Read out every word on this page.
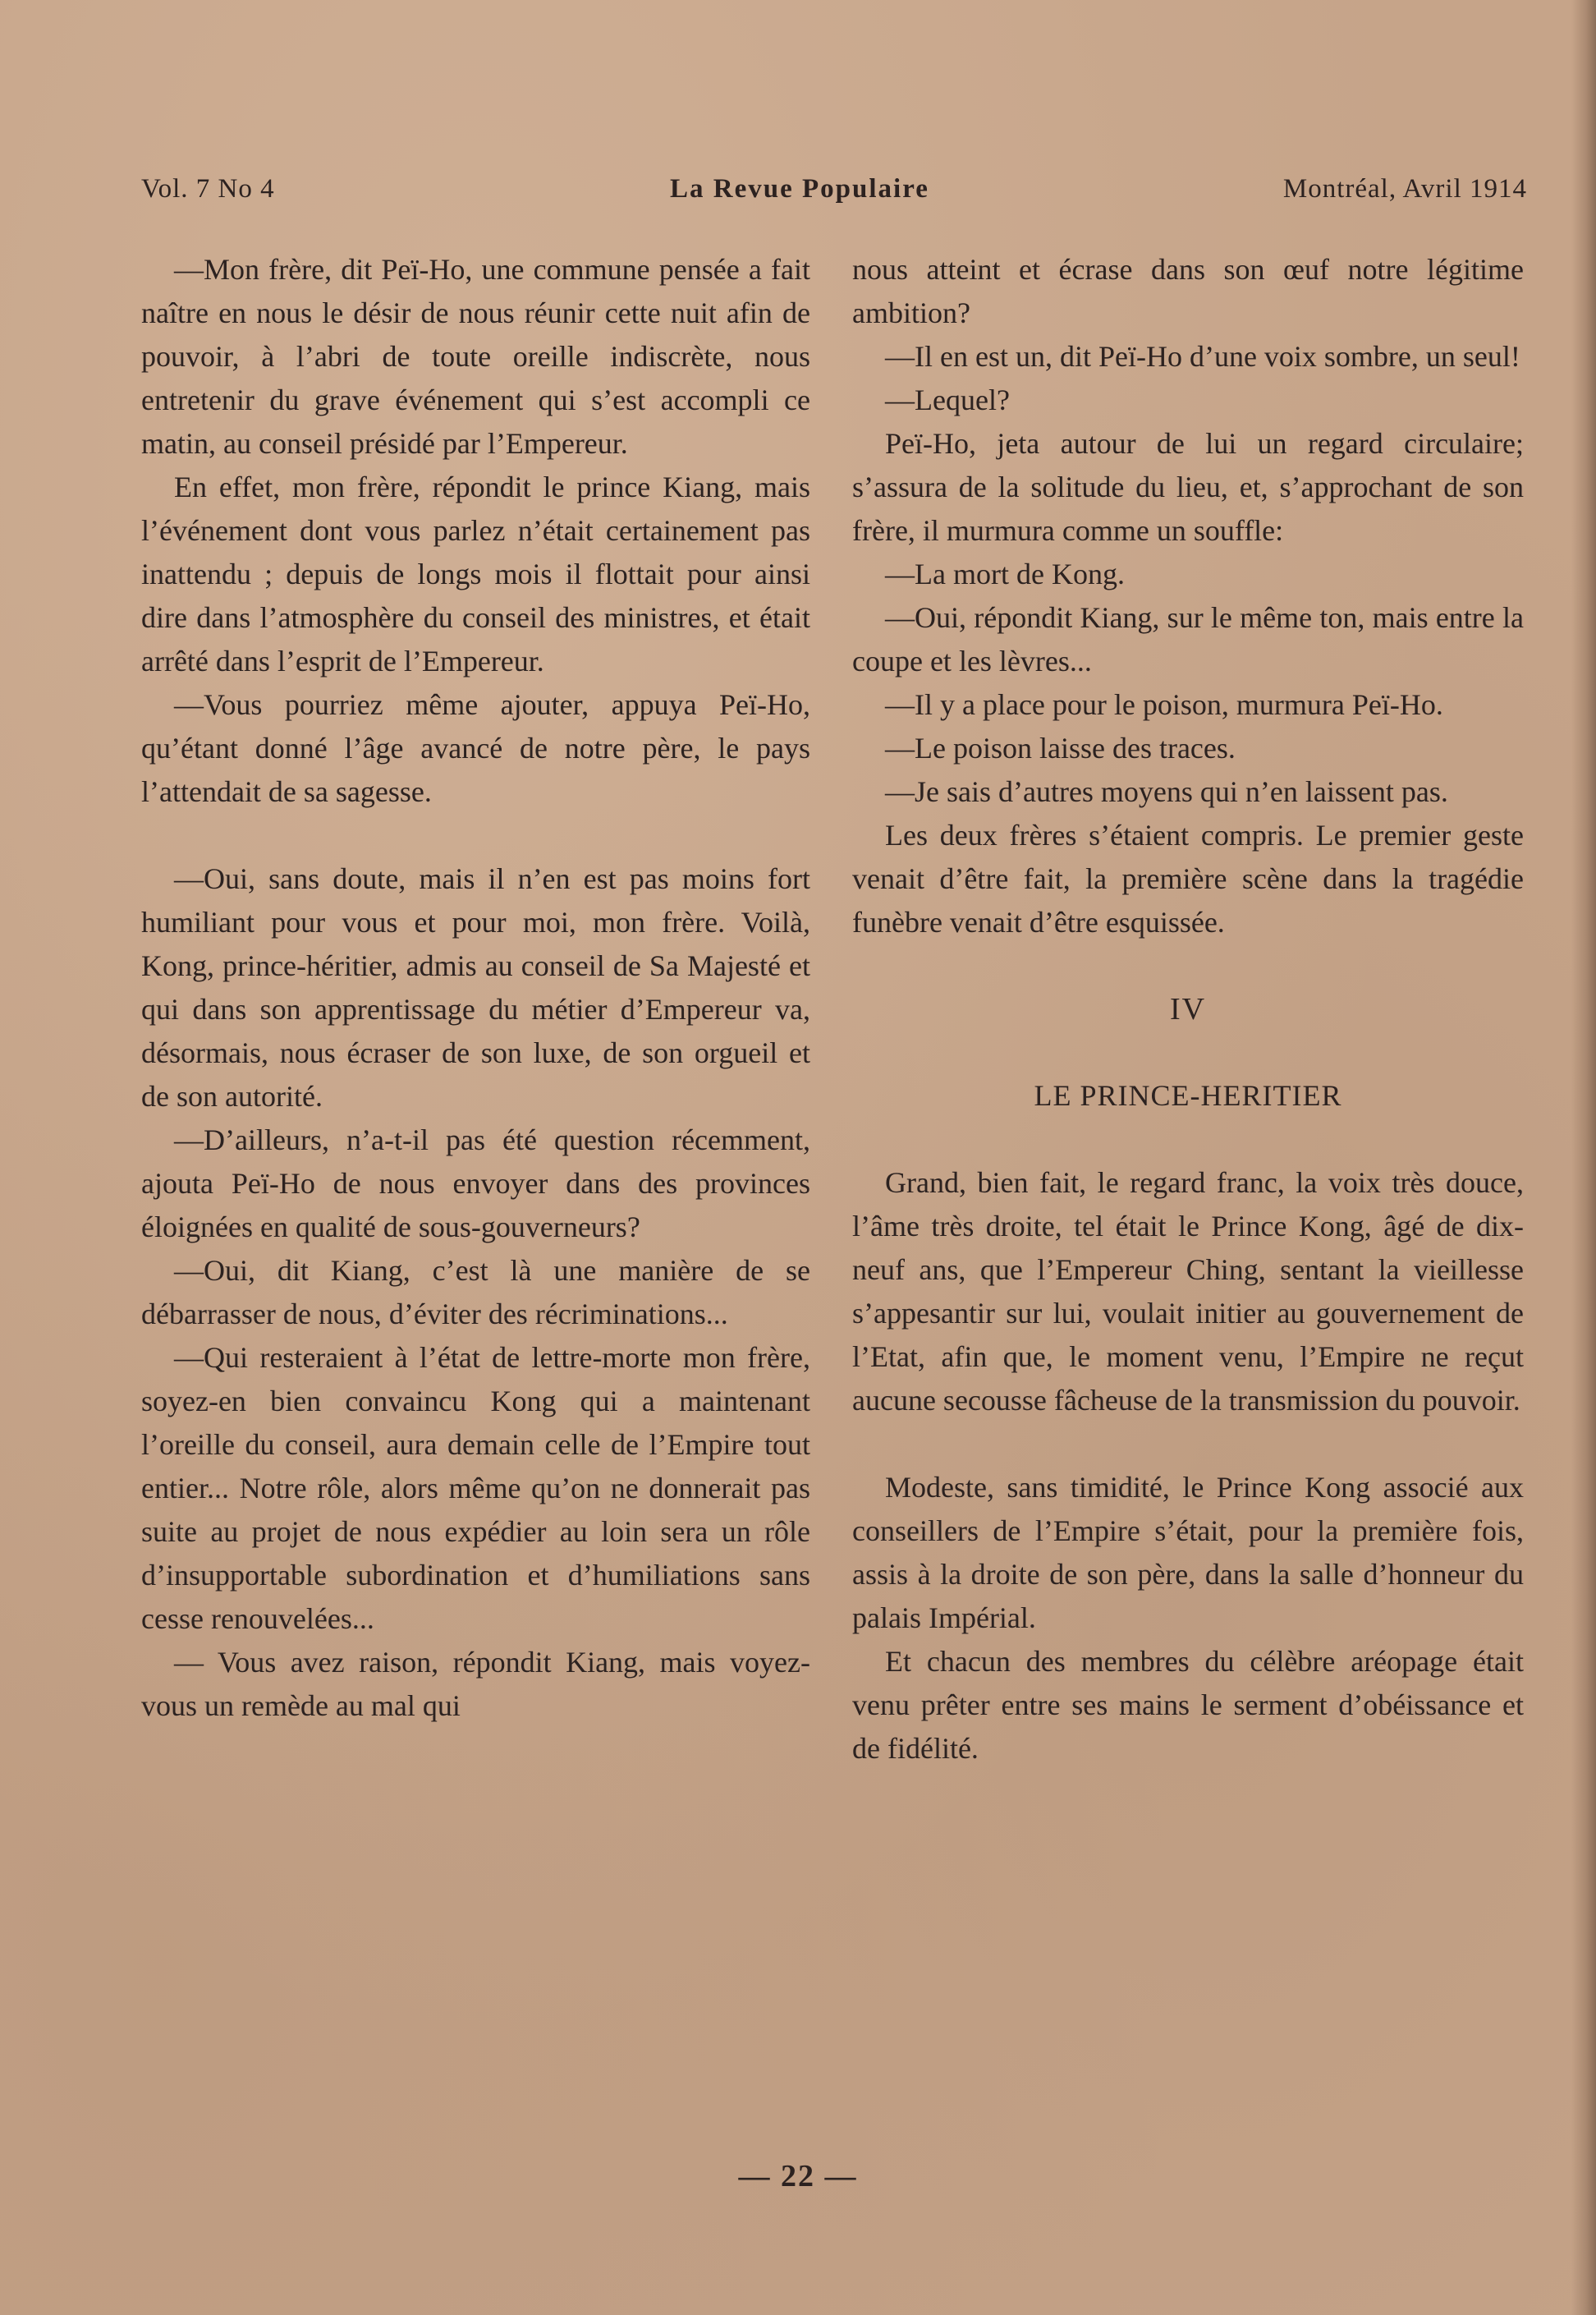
Vol. 7 No 4	La Revue Populaire	Montréal, Avril 1914

—Mon frère, dit Peï-Ho, une commune pensée a fait naître en nous le désir de nous réunir cette nuit afin de pouvoir, à l’abri de toute oreille indiscrète, nous entretenir du grave événement qui s’est accompli ce matin, au conseil présidé par l’Empereur.

En effet, mon frère, répondit le prince Kiang, mais l’événement dont vous parlez n’était certainement pas inattendu ; depuis de longs mois il flottait pour ainsi dire dans l’atmosphère du conseil des ministres, et était arrêté dans l’esprit de l’Empereur.

—Vous pourriez même ajouter, appuya Peï-Ho, qu’étant donné l’âge avancé de notre père, le pays l’attendait de sa sagesse.

—Oui, sans doute, mais il n’en est pas moins fort humiliant pour vous et pour moi, mon frère. Voilà, Kong, prince-héritier, admis au conseil de Sa Majesté et qui dans son apprentissage du métier d’Empereur va, désormais, nous écraser de son luxe, de son orgueil et de son autorité.

—D’ailleurs, n’a-t-il pas été question récemment, ajouta Peï-Ho de nous envoyer dans des provinces éloignées en qualité de sous-gouverneurs?

—Oui, dit Kiang, c’est là une manière de se débarrasser de nous, d’éviter des récriminations...

—Qui resteraient à l’état de lettre-morte mon frère, soyez-en bien convaincu Kong qui a maintenant l’oreille du conseil, aura demain celle de l’Empire tout entier... Notre rôle, alors même qu’on ne donnerait pas suite au projet de nous expédier au loin sera un rôle d’insupportable subordination et d’humiliations sans cesse renouvelées...

— Vous avez raison, répondit Kiang, mais voyez-vous un remède au mal qui

nous atteint et écrase dans son œuf notre légitime ambition?

—Il en est un, dit Peï-Ho d’une voix sombre, un seul!

—Lequel?

Peï-Ho, jeta autour de lui un regard circulaire; s’assura de la solitude du lieu, et, s’approchant de son frère, il murmura comme un souffle:

—La mort de Kong.

—Oui, répondit Kiang, sur le même ton, mais entre la coupe et les lèvres...

—Il y a place pour le poison, murmura Peï-Ho.

—Le poison laisse des traces.

—Je sais d’autres moyens qui n’en laissent pas.

Les deux frères s’étaient compris. Le premier geste venait d’être fait, la première scène dans la tragédie funèbre venait d’être esquissée.

IV
LE PRINCE-HERITIER

Grand, bien fait, le regard franc, la voix très douce, l’âme très droite, tel était le Prince Kong, âgé de dix-neuf ans, que l’Empereur Ching, sentant la vieillesse s’appesantir sur lui, voulait initier au gouvernement de l’Etat, afin que, le moment venu, l’Empire ne reçut aucune secousse fâcheuse de la transmission du pouvoir.

Modeste, sans timidité, le Prince Kong associé aux conseillers de l’Empire s’était, pour la première fois, assis à la droite de son père, dans la salle d’honneur du palais Impérial.

Et chacun des membres du célèbre aréopage était venu prêter entre ses mains le serment d’obéissance et de fidélité.

— 22 —
